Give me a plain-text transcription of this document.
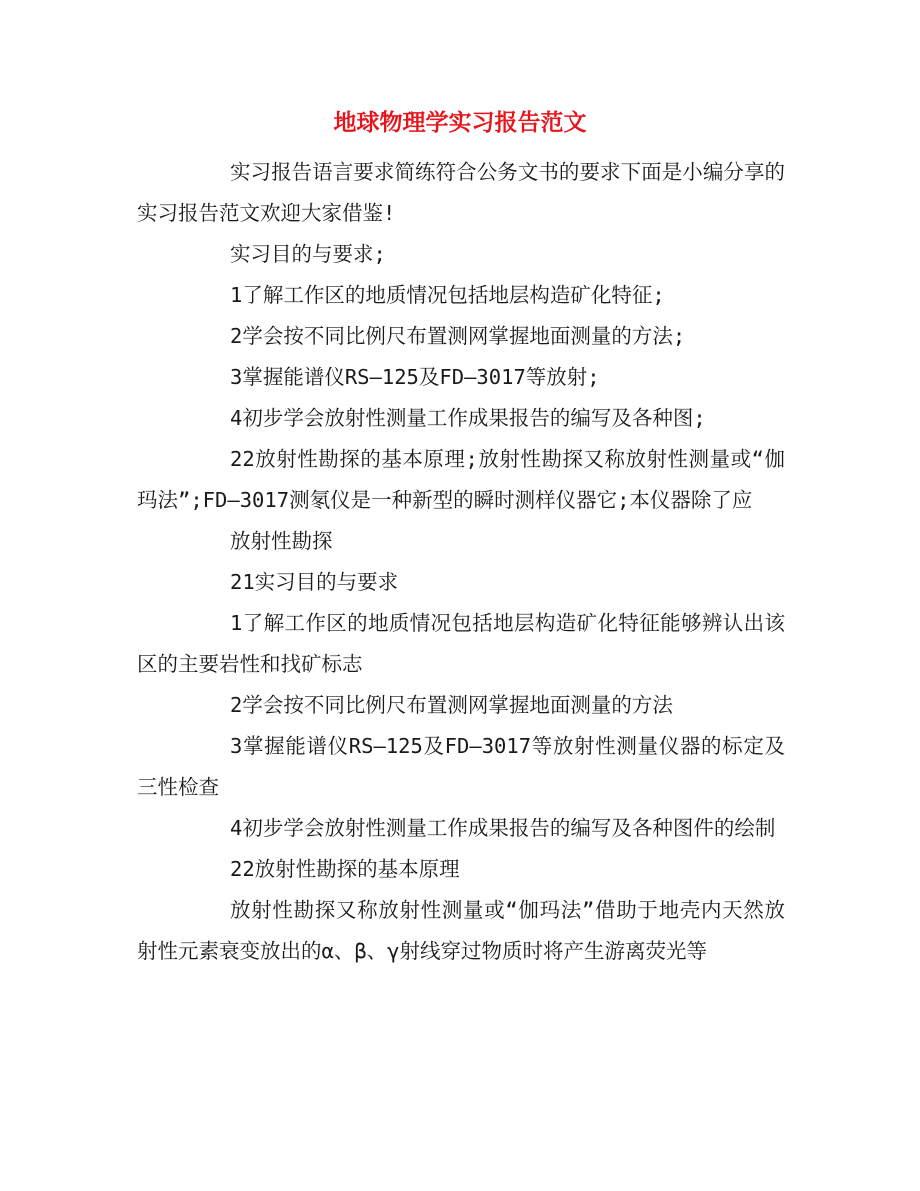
地球物理学实习报告范文

实习报告语言要求简练符合公务文书的要求下面是小编分享的实习报告范文欢迎大家借鉴!

实习目的与要求;

1了解工作区的地质情况包括地层构造矿化特征;

2学会按不同比例尺布置测网掌握地面测量的方法;

3掌握能谱仪RS—125及FD—3017等放射;

4初步学会放射性测量工作成果报告的编写及各种图;

22放射性勘探的基本原理;放射性勘探又称放射性测量或“伽玛法”;FD—3017测氡仪是一种新型的瞬时测样仪器它;本仪器除了应

放射性勘探

21实习目的与要求

1了解工作区的地质情况包括地层构造矿化特征能够辨认出该区的主要岩性和找矿标志

2学会按不同比例尺布置测网掌握地面测量的方法

3掌握能谱仪RS—125及FD—3017等放射性测量仪器的标定及三性检查

4初步学会放射性测量工作成果报告的编写及各种图件的绘制

22放射性勘探的基本原理

放射性勘探又称放射性测量或“伽玛法”借助于地壳内天然放射性元素衰变放出的α、β、γ射线穿过物质时将产生游离荧光等
